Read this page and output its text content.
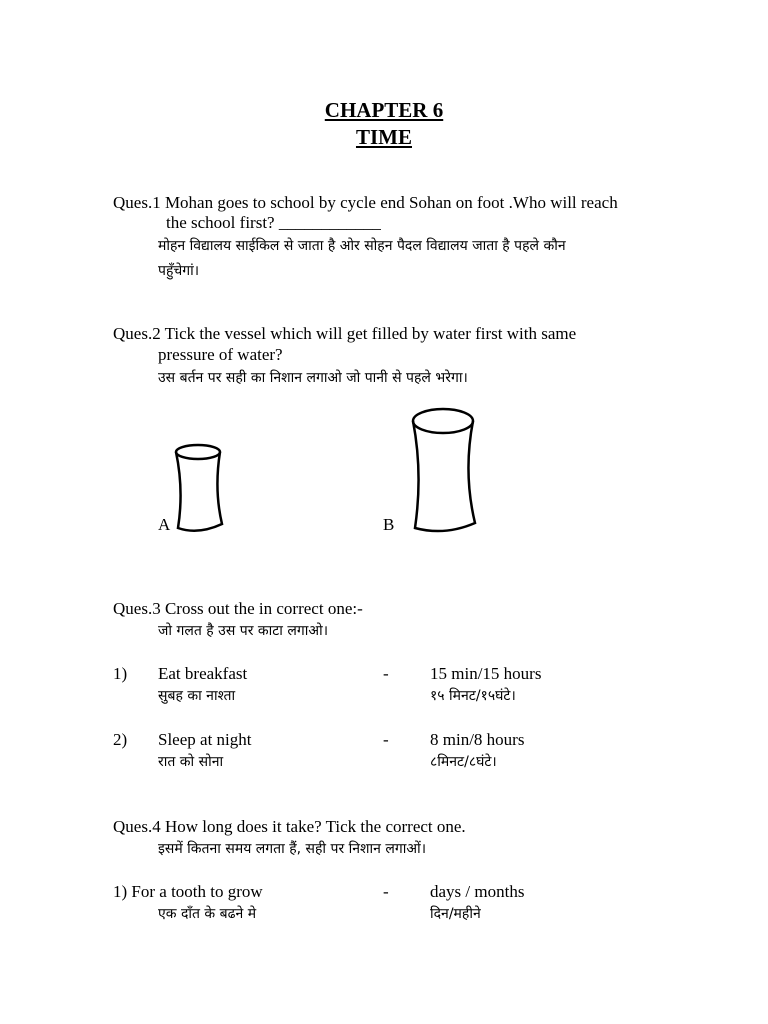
CHAPTER 6
TIME
Ques.1 Mohan goes to school by cycle end Sohan on foot .Who will reach
the school first? ____________
मोहन विद्यालय साईकिल से जाता है ओर सोहन पैदल विद्यालय जाता है पहले कौन
पहुँचेगां।
Ques.2 Tick the vessel which will get filled by water first with same
pressure of water?
उस बर्तन पर सही का निशान लगाओ जो पानी से पहले भरेगा।
A	B
Ques.3 Cross out the in correct one:-
जो गलत है उस पर काटा लगाओ।
1) Eat breakfast	- 15 min/15 hours
सुबह का नाश्ता	१५ मिनट/१५घंटे।
2) Sleep at night	- 8 min/8 hours
रात को सोना	८मिनट/८घंटे।
Ques.4 How long does it take? Tick the correct one.
इसमें कितना समय लगता हैं, सही पर निशान लगाओं।
1) For a tooth to grow	- days / months
एक दाँत के बढने मे	दिन/महीने
